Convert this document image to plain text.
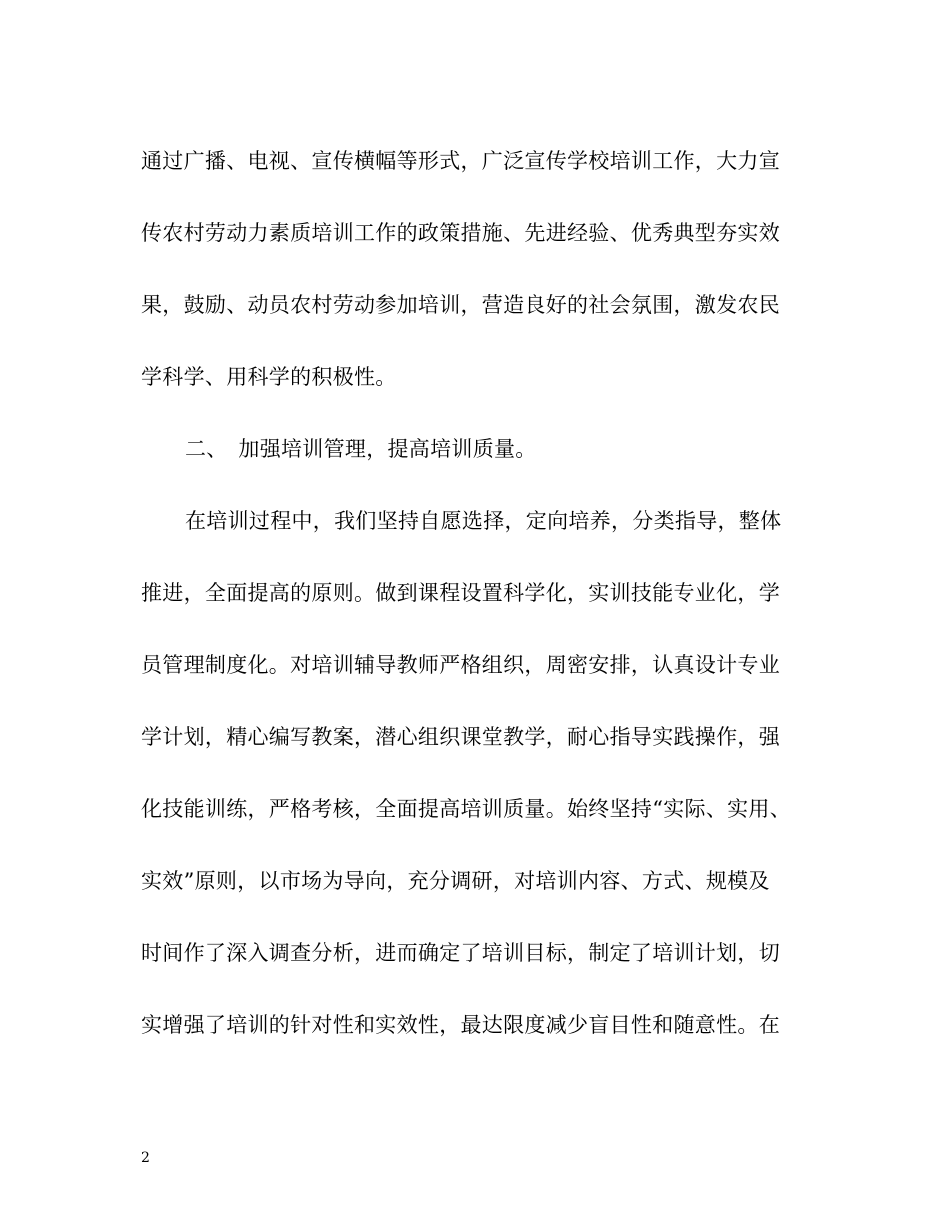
通过广播、电视、宣传横幅等形式，广泛宣传学校培训工作，大力宣
传农村劳动力素质培训工作的政策措施、先进经验、优秀典型夯实效
果，鼓励、动员农村劳动参加培训，营造良好的社会氛围，激发农民
学科学、用科学的积极性。
二、　加强培训管理，提高培训质量。
在培训过程中，我们坚持自愿选择，定向培养，分类指导，整体
推进，全面提高的原则。做到课程设置科学化，实训技能专业化，学
员管理制度化。对培训辅导教师严格组织，周密安排，认真设计专业
学计划，精心编写教案，潜心组织课堂教学，耐心指导实践操作，强
化技能训练，严格考核，全面提高培训质量。始终坚持“实际、实用、
实效”原则，以市场为导向，充分调研，对培训内容、方式、规模及
时间作了深入调查分析，进而确定了培训目标，制定了培训计划，切
实增强了培训的针对性和实效性，最达限度减少盲目性和随意性。在
2
